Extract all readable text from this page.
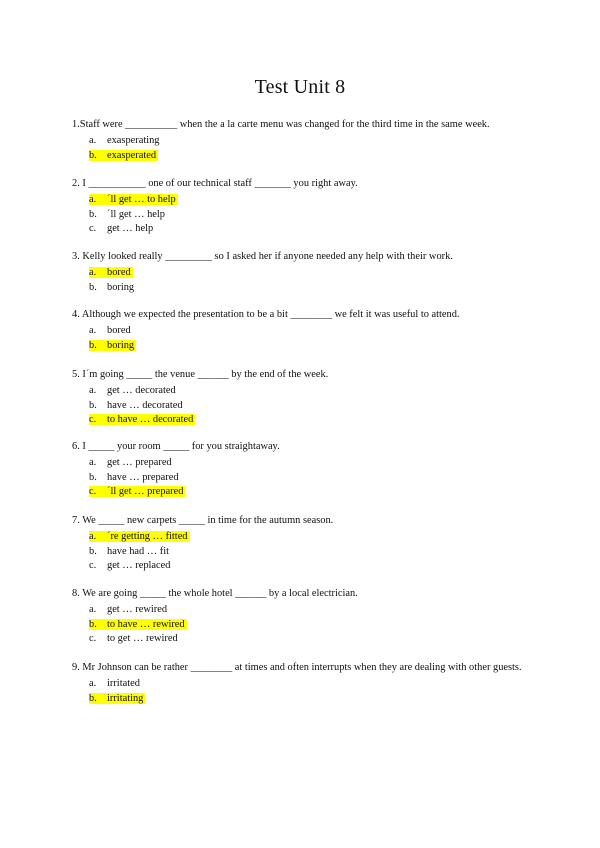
Test Unit 8
1.Staff were __________ when the a la carte menu was changed for the third time in the same week.
a. exasperating
b. exasperated
2. I ___________ one of our technical staff _______ you right away.
a. ´ll get … to help
b. ´ll get … help
c. get … help
3. Kelly looked really _________ so I asked her if anyone needed any help with their work.
a. bored
b. boring
4. Although we expected the presentation to be a bit ________ we felt it was useful to attend.
a. bored
b. boring
5. I´m going _____ the venue ______ by the end of the week.
a. get … decorated
b. have … decorated
c. to have … decorated
6. I _____ your room _____ for you straightaway.
a. get … prepared
b. have … prepared
c. ´ll get … prepared
7. We _____ new carpets _____ in time for the autumn season.
a. ´re getting … fitted
b. have had … fit
c. get … replaced
8. We are going _____ the whole hotel ______ by a local electrician.
a. get … rewired
b. to have … rewired
c. to get … rewired
9. Mr Johnson can be rather ________ at times and often interrupts when they are dealing with other guests.
a. irritated
b. irritating
